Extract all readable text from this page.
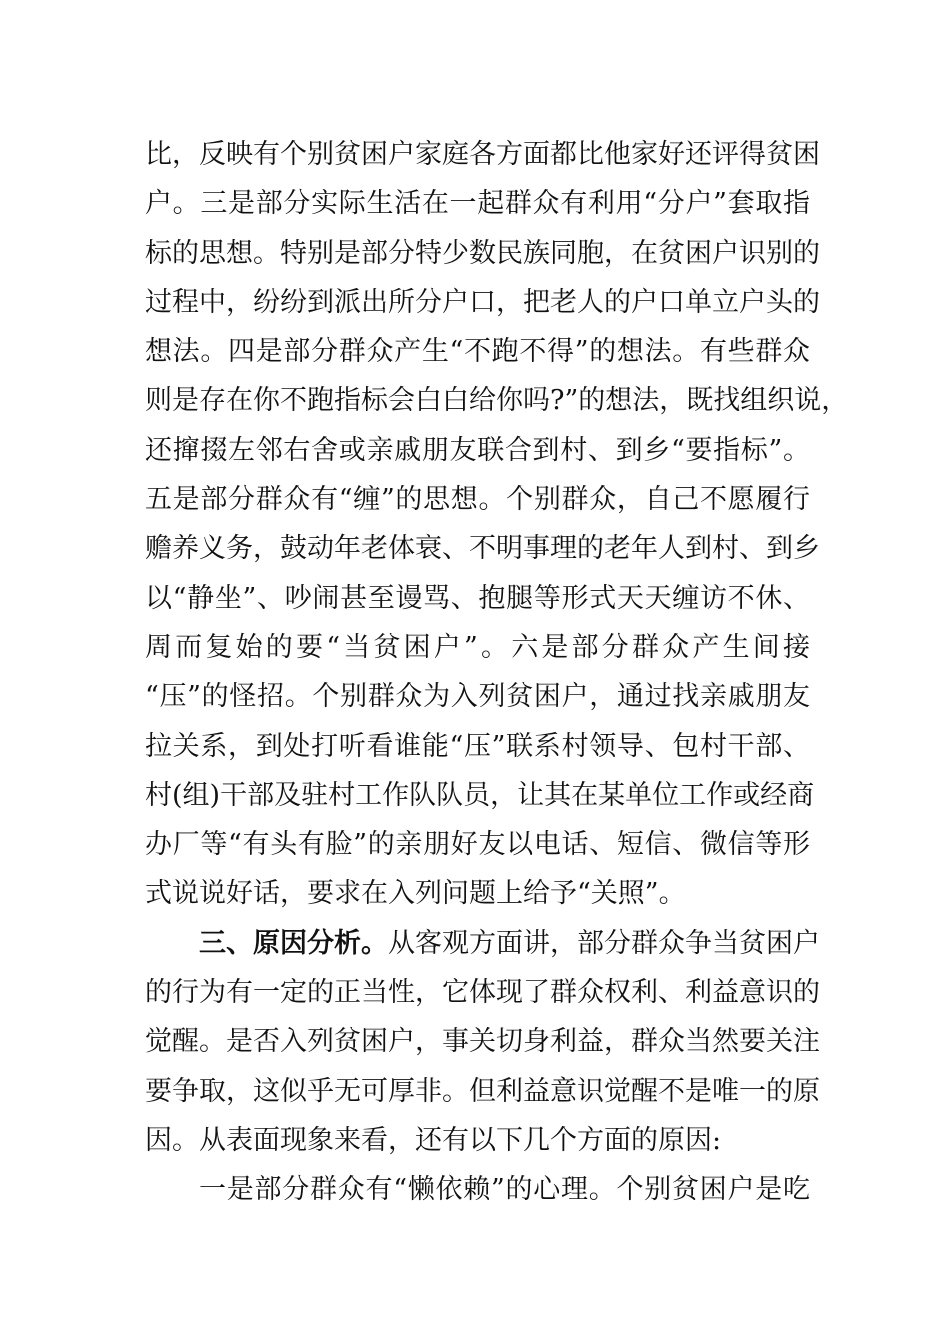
比，反映有个别贫困户家庭各方面都比他家好还评得贫困
户。三是部分实际生活在一起群众有利用“分户”套取指
标的思想。特别是部分特少数民族同胞，在贫困户识别的
过程中，纷纷到派出所分户口，把老人的户口单立户头的
想法。四是部分群众产生“不跑不得”的想法。有些群众
则是存在你不跑指标会白白给你吗?”的想法，既找组织说，
还撺掇左邻右舍或亲戚朋友联合到村、到乡“要指标”。
五是部分群众有“缠”的思想。个别群众，自己不愿履行
赡养义务，鼓动年老体衰、不明事理的老年人到村、到乡
以“静坐”、吵闹甚至谩骂、抱腿等形式天天缠访不休、
周而复始的要“当贫困户”。六是部分群众产生间接
“压”的怪招。个别群众为入列贫困户，通过找亲戚朋友
拉关系，到处打听看谁能“压”联系村领导、包村干部、
村(组)干部及驻村工作队队员，让其在某单位工作或经商
办厂等“有头有脸”的亲朋好友以电话、短信、微信等形
式说说好话，要求在入列问题上给予“关照”。
三、原因分析。从客观方面讲，部分群众争当贫困户
的行为有一定的正当性，它体现了群众权利、利益意识的
觉醒。是否入列贫困户，事关切身利益，群众当然要关注
要争取，这似乎无可厚非。但利益意识觉醒不是唯一的原
因。从表面现象来看，还有以下几个方面的原因:
一是部分群众有“懒依赖”的心理。个别贫困户是吃
